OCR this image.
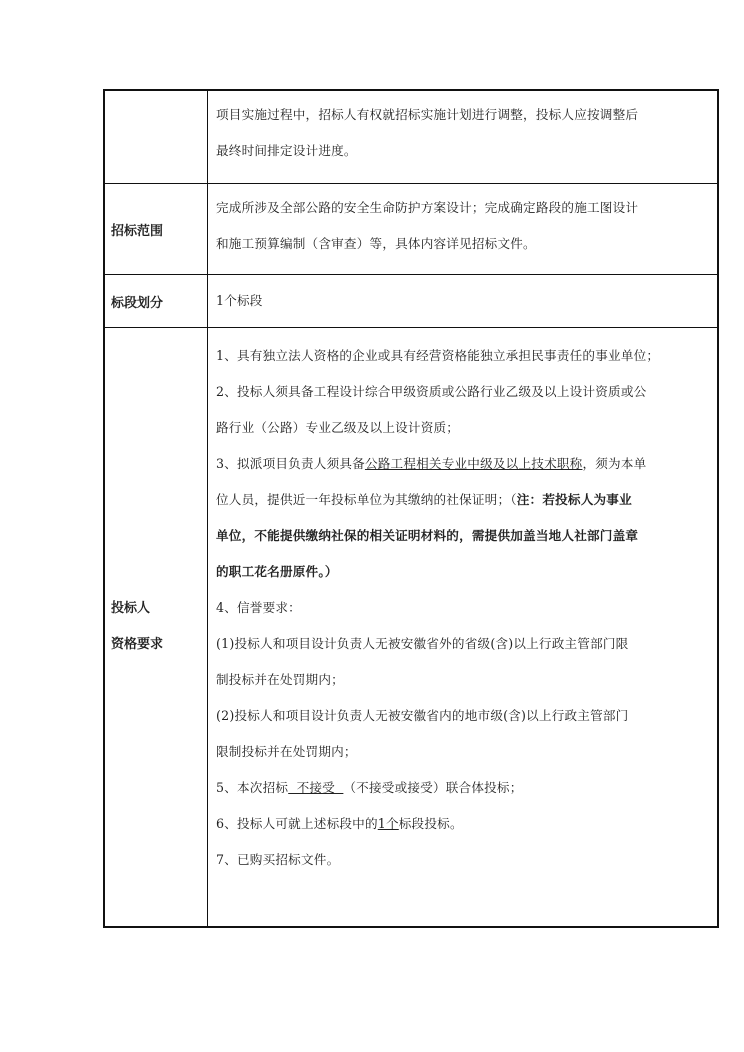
项目实施过程中，招标人有权就招标实施计划进行调整，投标人应按调整后
最终时间排定设计进度。
招标范围
完成所涉及全部公路的安全生命防护方案设计；完成确定路段的施工图设计
和施工预算编制（含审查）等，具体内容详见招标文件。
标段划分	1个标段
投标人
资格要求
1、具有独立法人资格的企业或具有经营资格能独立承担民事责任的事业单位；
2、投标人须具备工程设计综合甲级资质或公路行业乙级及以上设计资质或公
路行业（公路）专业乙级及以上设计资质；
3、拟派项目负责人须具备公路工程相关专业中级及以上技术职称，须为本单
位人员，提供近一年投标单位为其缴纳的社保证明；（注：若投标人为事业
单位，不能提供缴纳社保的相关证明材料的，需提供加盖当地人社部门盖章
的职工花名册原件。）
4、信誉要求：
(1)投标人和项目设计负责人无被安徽省外的省级(含)以上行政主管部门限
制投标并在处罚期内；
(2)投标人和项目设计负责人无被安徽省内的地市级(含)以上行政主管部门
限制投标并在处罚期内；
5、本次招标  不接受  （不接受或接受）联合体投标；
6、投标人可就上述标段中的1个标段投标。
7、已购买招标文件。
